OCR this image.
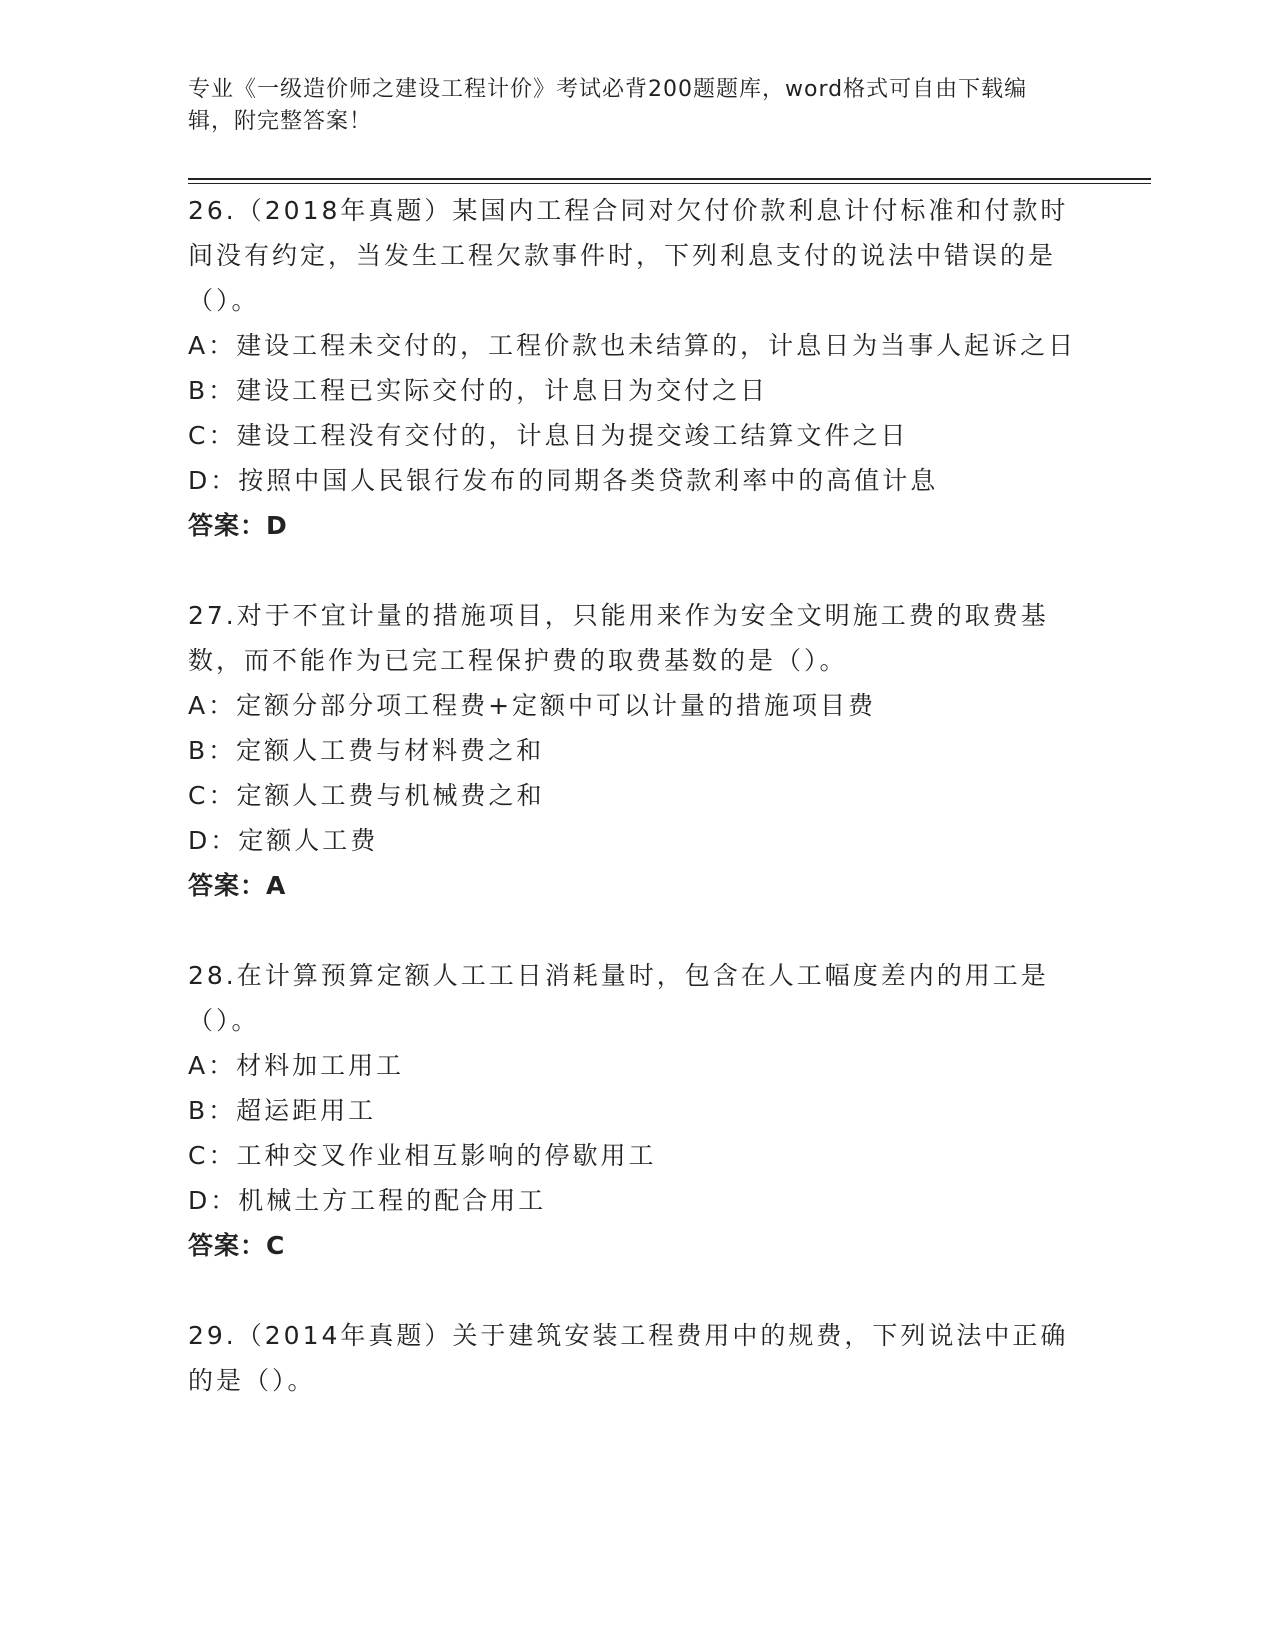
专业《一级造价师之建设工程计价》考试必背200题题库，word格式可自由下载编辑，附完整答案！
26.（2018年真题）某国内工程合同对欠付价款利息计付标准和付款时间没有约定，当发生工程欠款事件时，下列利息支付的说法中错误的是（）。
A：建设工程未交付的，工程价款也未结算的，计息日为当事人起诉之日
B：建设工程已实际交付的，计息日为交付之日
C：建设工程没有交付的，计息日为提交竣工结算文件之日
D：按照中国人民银行发布的同期各类贷款利率中的高值计息
答案：D
27.对于不宜计量的措施项目，只能用来作为安全文明施工费的取费基数，而不能作为已完工程保护费的取费基数的是（）。
A：定额分部分项工程费+定额中可以计量的措施项目费
B：定额人工费与材料费之和
C：定额人工费与机械费之和
D：定额人工费
答案：A
28.在计算预算定额人工工日消耗量时，包含在人工幅度差内的用工是（）。
A：材料加工用工
B：超运距用工
C：工种交叉作业相互影响的停歇用工
D：机械土方工程的配合用工
答案：C
29.（2014年真题）关于建筑安装工程费用中的规费，下列说法中正确的是（）。
